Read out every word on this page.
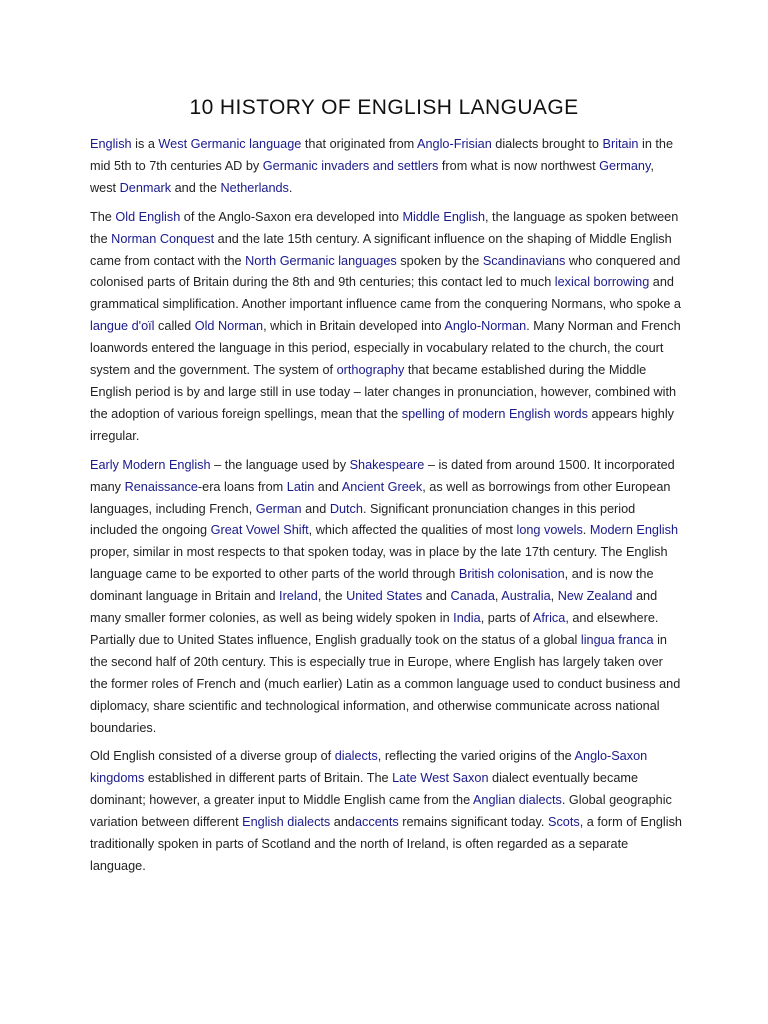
10 HISTORY OF ENGLISH LANGUAGE

English is a West Germanic language that originated from Anglo-Frisian dialects brought to Britain in the mid 5th to 7th centuries AD by Germanic invaders and settlers from what is now northwest Germany, west Denmark and the Netherlands.

The Old English of the Anglo-Saxon era developed into Middle English, the language as spoken between the Norman Conquest and the late 15th century. A significant influence on the shaping of Middle English came from contact with the North Germanic languages spoken by the Scandinavians who conquered and colonised parts of Britain during the 8th and 9th centuries; this contact led to much lexical borrowing and grammatical simplification. Another important influence came from the conquering Normans, who spoke a langue d'oïl called Old Norman, which in Britain developed into Anglo-Norman. Many Norman and French loanwords entered the language in this period, especially in vocabulary related to the church, the court system and the government. The system of orthography that became established during the Middle English period is by and large still in use today – later changes in pronunciation, however, combined with the adoption of various foreign spellings, mean that the spelling of modern English words appears highly irregular.

Early Modern English – the language used by Shakespeare – is dated from around 1500. It incorporated many Renaissance-era loans from Latin and Ancient Greek, as well as borrowings from other European languages, including French, German and Dutch. Significant pronunciation changes in this period included the ongoing Great Vowel Shift, which affected the qualities of most long vowels. Modern English proper, similar in most respects to that spoken today, was in place by the late 17th century. The English language came to be exported to other parts of the world through British colonisation, and is now the dominant language in Britain and Ireland, the United States and Canada, Australia, New Zealand and many smaller former colonies, as well as being widely spoken in India, parts of Africa, and elsewhere. Partially due to United States influence, English gradually took on the status of a global lingua franca in the second half of 20th century. This is especially true in Europe, where English has largely taken over the former roles of French and (much earlier) Latin as a common language used to conduct business and diplomacy, share scientific and technological information, and otherwise communicate across national boundaries.

Old English consisted of a diverse group of dialects, reflecting the varied origins of the Anglo-Saxon kingdoms established in different parts of Britain. The Late West Saxon dialect eventually became dominant; however, a greater input to Middle English came from the Anglian dialects. Global geographic variation between different English dialects andaccents remains significant today. Scots, a form of English traditionally spoken in parts of Scotland and the north of Ireland, is often regarded as a separate language.
